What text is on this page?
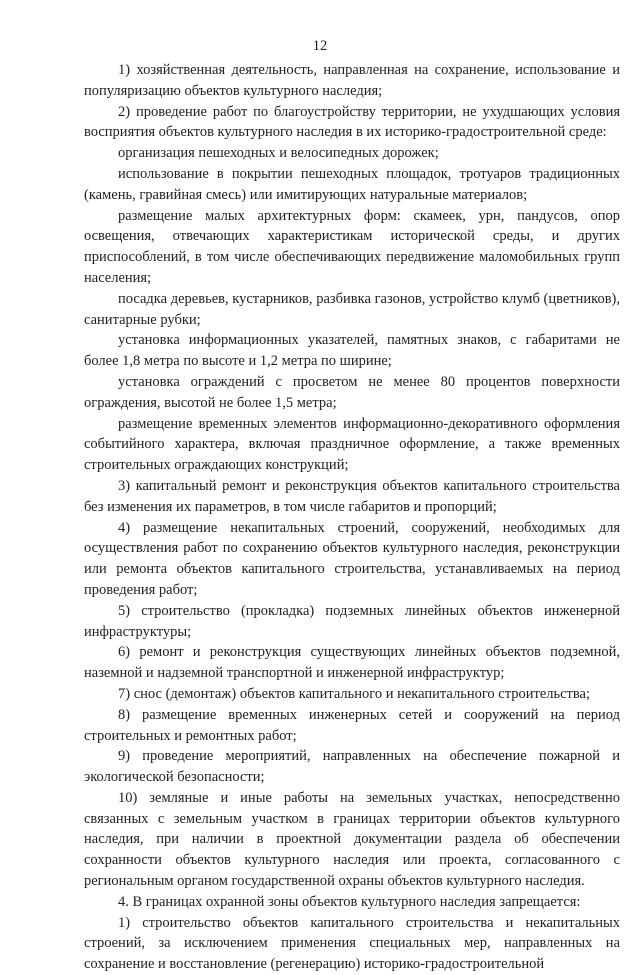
12

1) хозяйственная деятельность, направленная на сохранение, использование и популяризацию объектов культурного наследия;

2) проведение работ по благоустройству территории, не ухудшающих условия восприятия объектов культурного наследия в их историко-градостроительной среде:

организация пешеходных и велосипедных дорожек;

использование в покрытии пешеходных площадок, тротуаров традиционных (камень, гравийная смесь) или имитирующих натуральные материалов;

размещение малых архитектурных форм: скамеек, урн, пандусов, опор освещения, отвечающих характеристикам исторической среды, и других приспособлений, в том числе обеспечивающих передвижение маломобильных групп населения;

посадка деревьев, кустарников, разбивка газонов, устройство клумб (цветников), санитарные рубки;

установка информационных указателей, памятных знаков, с габаритами не более 1,8 метра по высоте и 1,2 метра по ширине;

установка ограждений с просветом не менее 80 процентов поверхности ограждения, высотой не более 1,5 метра;

размещение временных элементов информационно-декоративного оформления событийного характера, включая праздничное оформление, а также временных строительных ограждающих конструкций;

3) капитальный ремонт и реконструкция объектов капитального строительства без изменения их параметров, в том числе габаритов и пропорций;

4) размещение некапитальных строений, сооружений, необходимых для осуществления работ по сохранению объектов культурного наследия, реконструкции или ремонта объектов капитального строительства, устанавливаемых на период проведения работ;

5) строительство (прокладка) подземных линейных объектов инженерной инфраструктуры;

6) ремонт и реконструкция существующих линейных объектов подземной, наземной и надземной транспортной и инженерной инфраструктур;

7) снос (демонтаж) объектов капитального и некапитального строительства;

8) размещение временных инженерных сетей и сооружений на период строительных и ремонтных работ;

9) проведение мероприятий, направленных на обеспечение пожарной и экологической безопасности;

10) земляные и иные работы на земельных участках, непосредственно связанных с земельным участком в границах территории объектов культурного наследия, при наличии в проектной документации раздела об обеспечении сохранности объектов культурного наследия или проекта, согласованного с региональным органом государственной охраны объектов культурного наследия.

4. В границах охранной зоны объектов культурного наследия запрещается:

1) строительство объектов капитального строительства и некапитальных строений, за исключением применения специальных мер, направленных на сохранение и восстановление (регенерацию) историко-градостроительной
